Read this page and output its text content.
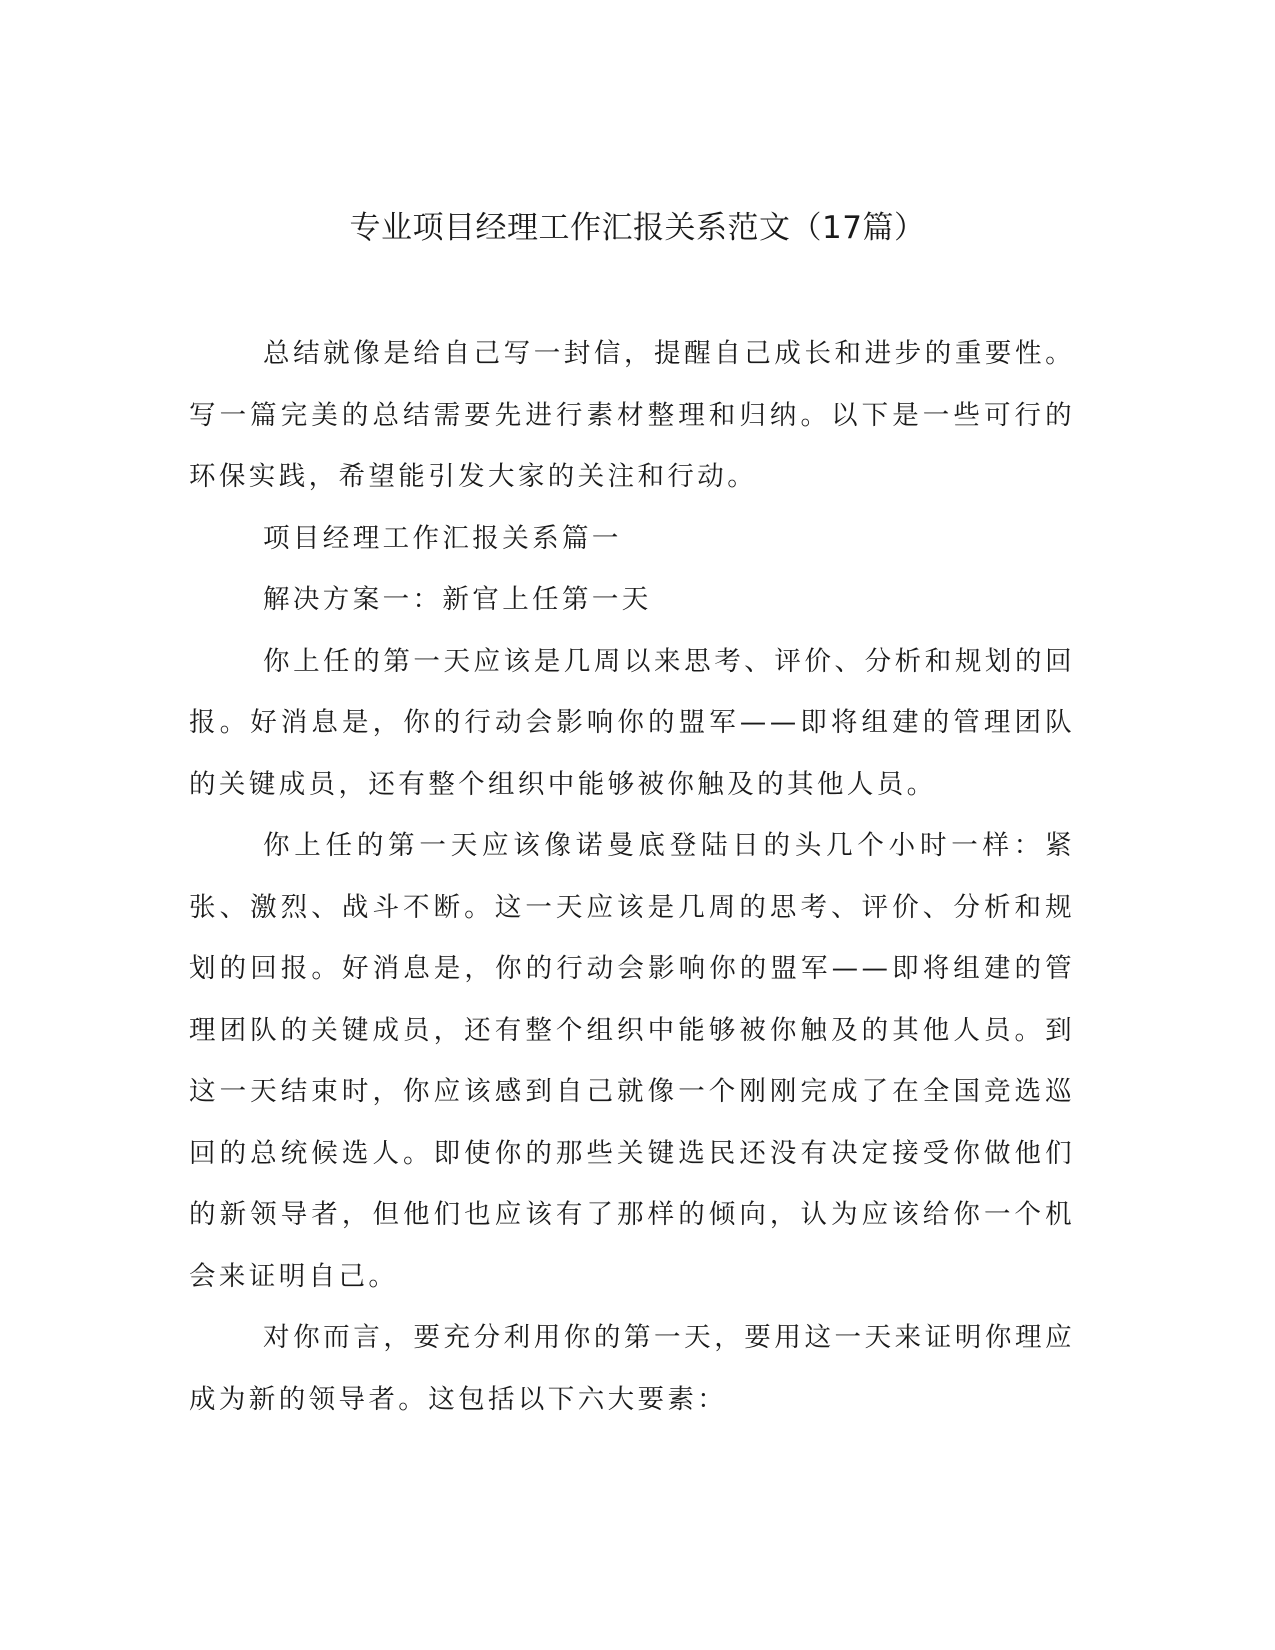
专业项目经理工作汇报关系范文（17篇）

总结就像是给自己写一封信，提醒自己成长和进步的重要性。写一篇完美的总结需要先进行素材整理和归纳。以下是一些可行的环保实践，希望能引发大家的关注和行动。

项目经理工作汇报关系篇一

解决方案一：新官上任第一天

你上任的第一天应该是几周以来思考、评价、分析和规划的回报。好消息是，你的行动会影响你的盟军——即将组建的管理团队的关键成员，还有整个组织中能够被你触及的其他人员。

你上任的第一天应该像诺曼底登陆日的头几个小时一样：紧张、激烈、战斗不断。这一天应该是几周的思考、评价、分析和规划的回报。好消息是，你的行动会影响你的盟军——即将组建的管理团队的关键成员，还有整个组织中能够被你触及的其他人员。到这一天结束时，你应该感到自己就像一个刚刚完成了在全国竞选巡回的总统候选人。即使你的那些关键选民还没有决定接受你做他们的新领导者，但他们也应该有了那样的倾向，认为应该给你一个机会来证明自己。

对你而言，要充分利用你的第一天，要用这一天来证明你理应成为新的领导者。这包括以下六大要素：
